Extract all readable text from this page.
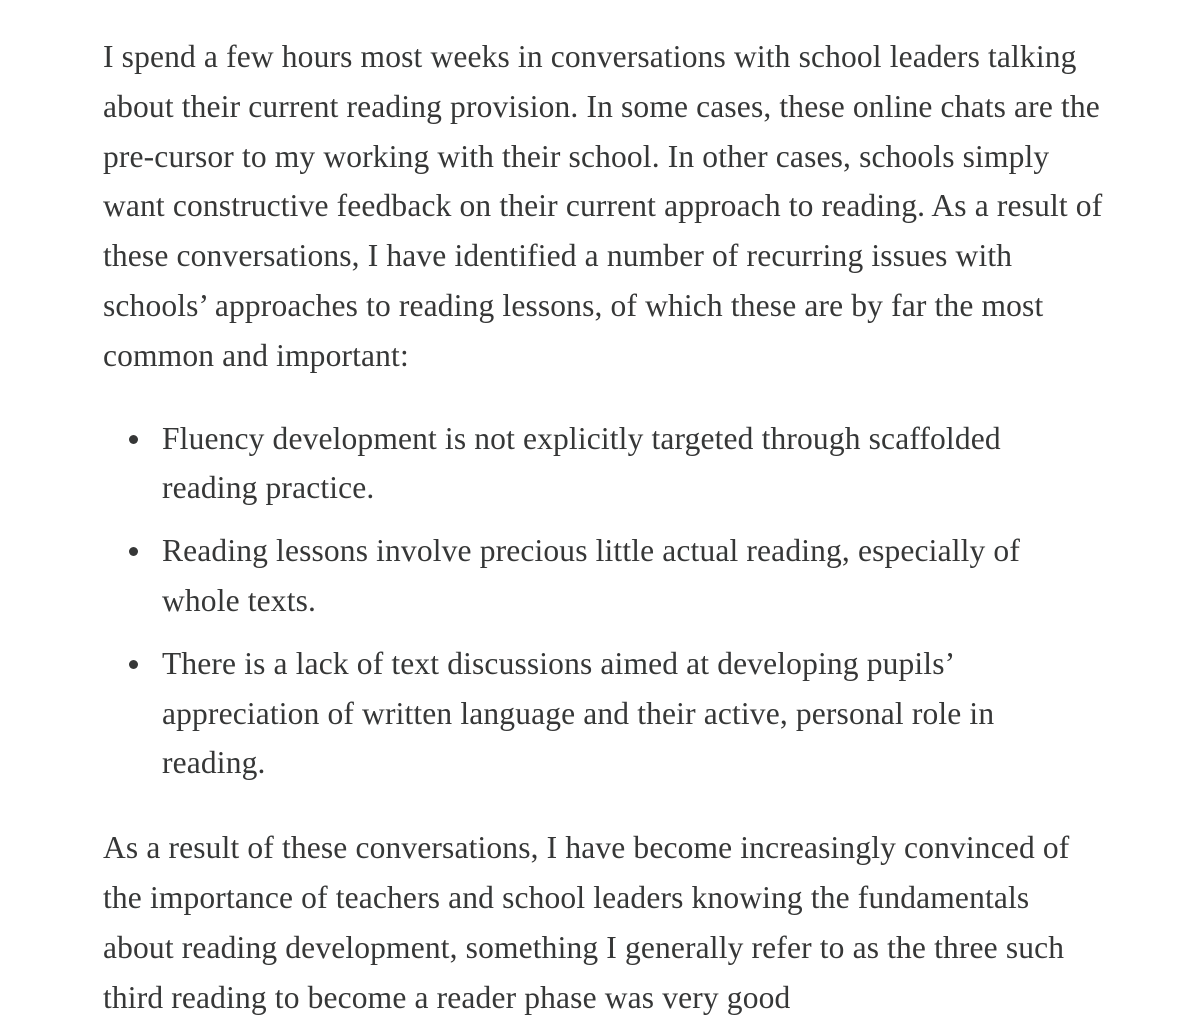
I spend a few hours most weeks in conversations with school leaders talking about their current reading provision. In some cases, these online chats are the pre-cursor to my working with their school. In other cases, schools simply want constructive feedback on their current approach to reading. As a result of these conversations, I have identified a number of recurring issues with schools’ approaches to reading lessons, of which these are by far the most common and important:

Fluency development is not explicitly targeted through scaffolded reading practice.
Reading lessons involve precious little actual reading, especially of whole texts.
There is a lack of text discussions aimed at developing pupils’ appreciation of written language and their active, personal role in reading.

As a result of these conversations, I have become increasingly convinced of the importance of teachers and school leaders knowing the fundamentals about reading development, something I generally refer to as the three such third reading to become a reader phase was very good
